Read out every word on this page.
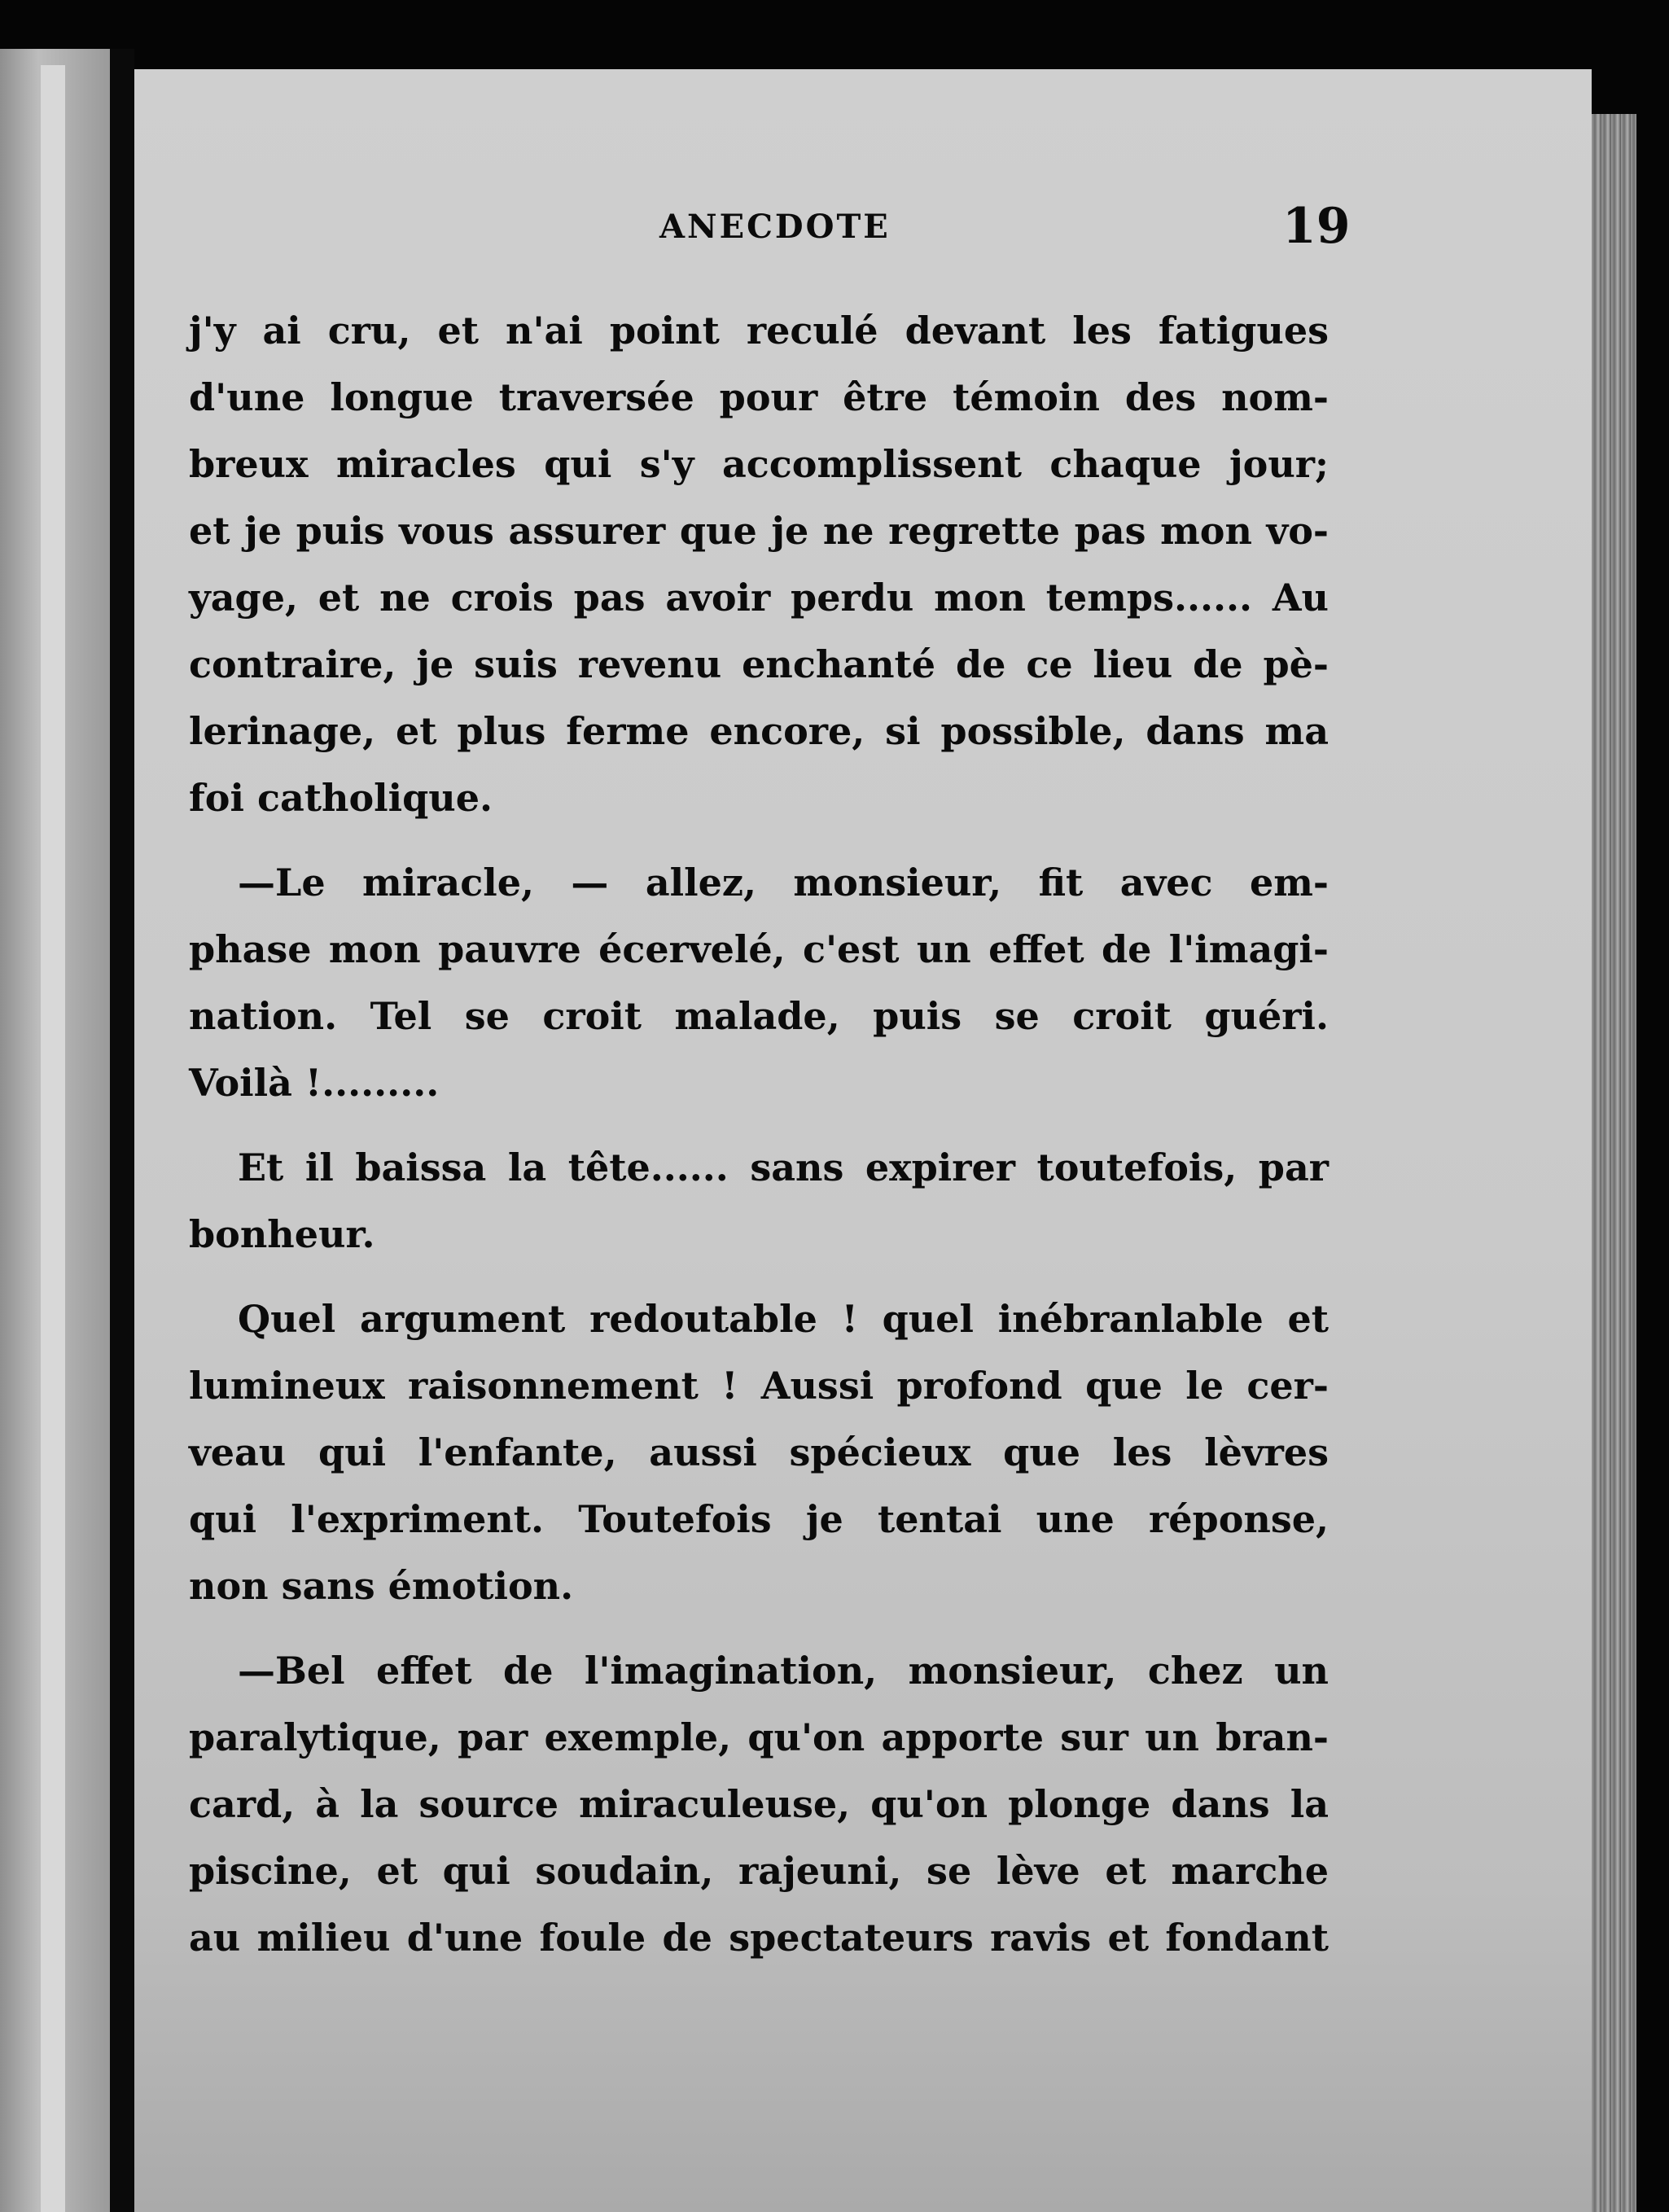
ANECDOTE	19
j'y ai cru, et n'ai point reculé devant les fatigues
d'une longue traversée pour être témoin des nom-
breux miracles qui s'y accomplissent chaque jour;
et je puis vous assurer que je ne regrette pas mon vo-
yage, et ne crois pas avoir perdu mon temps...... Au
contraire, je suis revenu enchanté de ce lieu de pè-
lerinage, et plus ferme encore, si possible, dans ma
foi catholique.
—Le miracle, — allez, monsieur, fit avec em-
phase mon pauvre écervelé, c'est un effet de l'imagi-
nation. Tel se croit malade, puis se croit guéri.
Voilà !.........
Et il baissa la tête...... sans expirer toutefois, par
bonheur.
Quel argument redoutable ! quel inébranlable et
lumineux raisonnement ! Aussi profond que le cer-
veau qui l'enfante, aussi spécieux que les lèvres
qui l'expriment. Toutefois je tentai une réponse,
non sans émotion.
—Bel effet de l'imagination, monsieur, chez un
paralytique, par exemple, qu'on apporte sur un bran-
card, à la source miraculeuse, qu'on plonge dans la
piscine, et qui soudain, rajeuni, se lève et marche
au milieu d'une foule de spectateurs ravis et fondant
